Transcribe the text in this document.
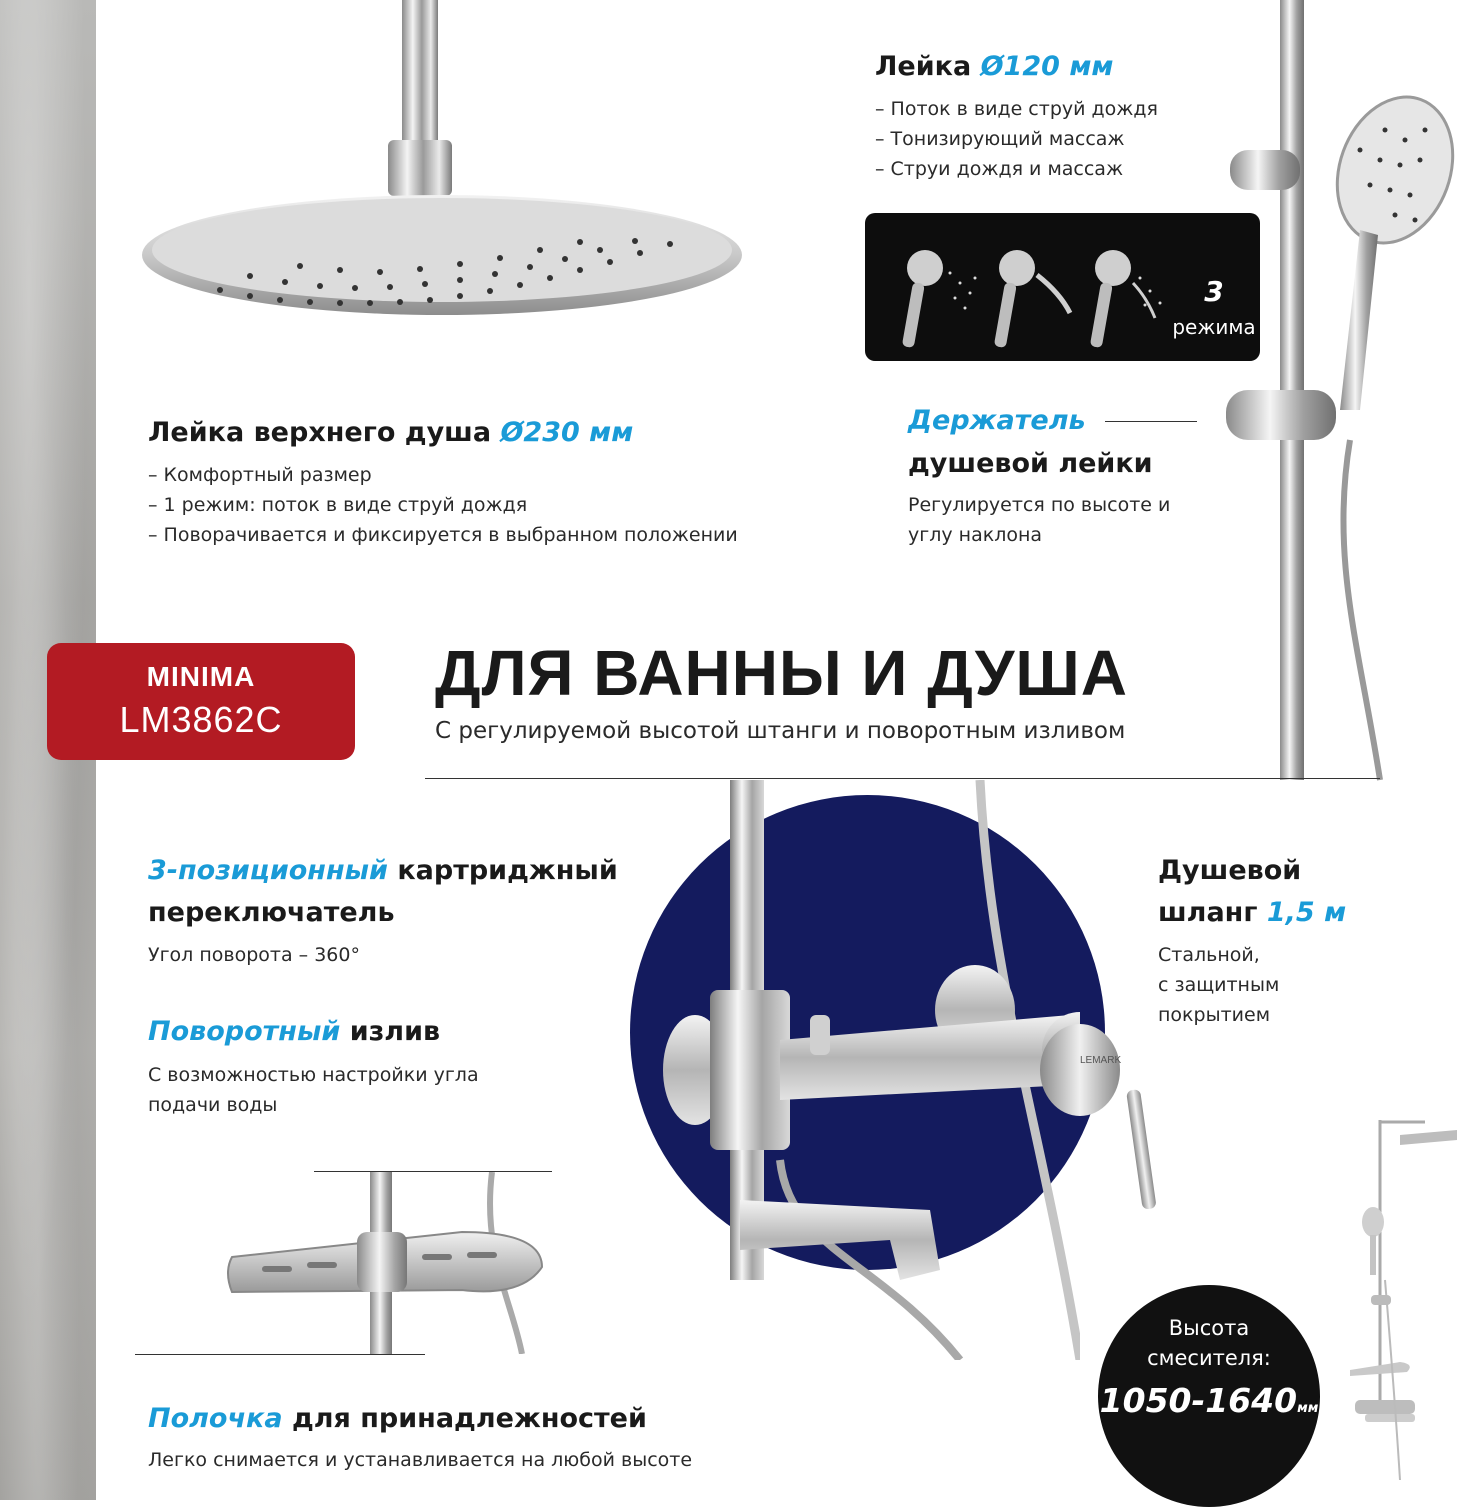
Лейка Ø120 мм
– Поток в виде струй дождя
– Тонизирующий массаж
– Струи дождя и массаж
3
режима
Держатель
душевой лейки
Регулируется по высоте и
углу наклона
Лейка верхнего душа Ø230 мм
– Комфортный размер
– 1 режим: поток в виде струй дождя
– Поворачивается и фиксируется в выбранном положении
MINIMA
LM3862C
ДЛЯ ВАННЫ И ДУША
С регулируемой высотой штанги и поворотным изливом
LEMARK
3-позиционный картриджный
переключатель
Угол поворота – 360°
Поворотный излив
С возможностью настройки угла
подачи воды
Душевой
шланг 1,5 м
Стальной,
с защитным
покрытием
Полочка для принадлежностей
Легко снимается и устанавливается на любой высоте
Высота
смесителя:
1050-1640мм
